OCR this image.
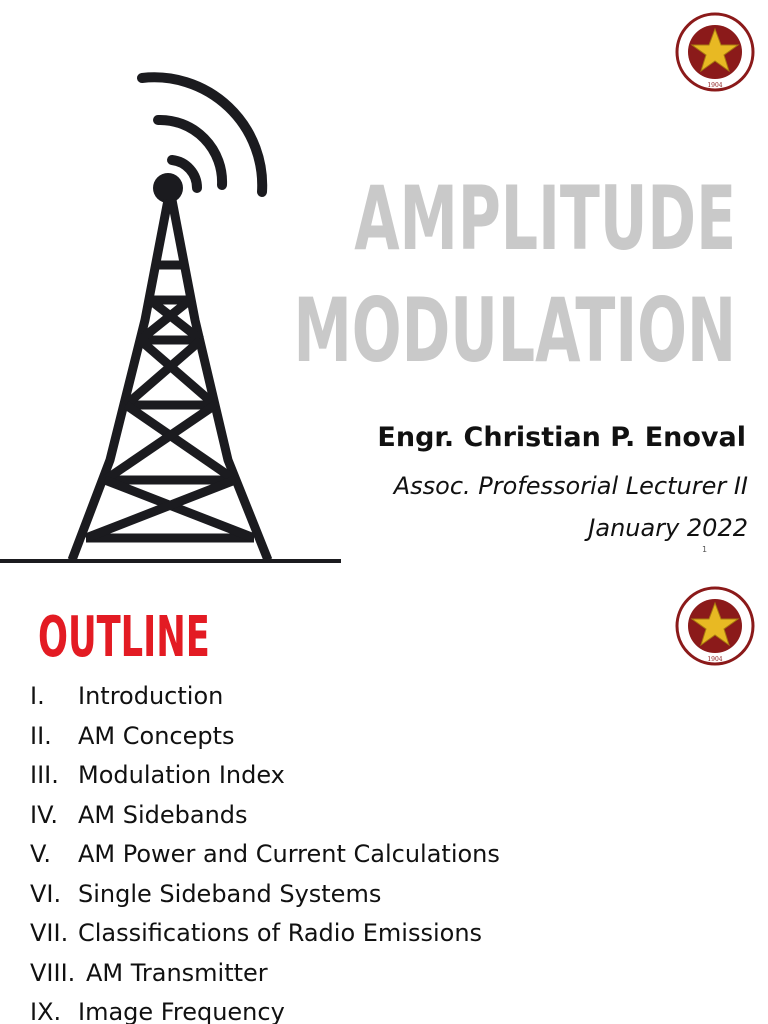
1904
AMPLITUDE
MODULATION
Engr. Christian P. Enoval
Assoc. Professorial Lecturer II
January 2022
1
1904
OUTLINE
I. Introduction
II. AM Concepts
III. Modulation Index
IV. AM Sidebands
V. AM Power and Current Calculations
VI. Single Sideband Systems
VII. Classifications of Radio Emissions
VIII. AM Transmitter
IX. Image Frequency
